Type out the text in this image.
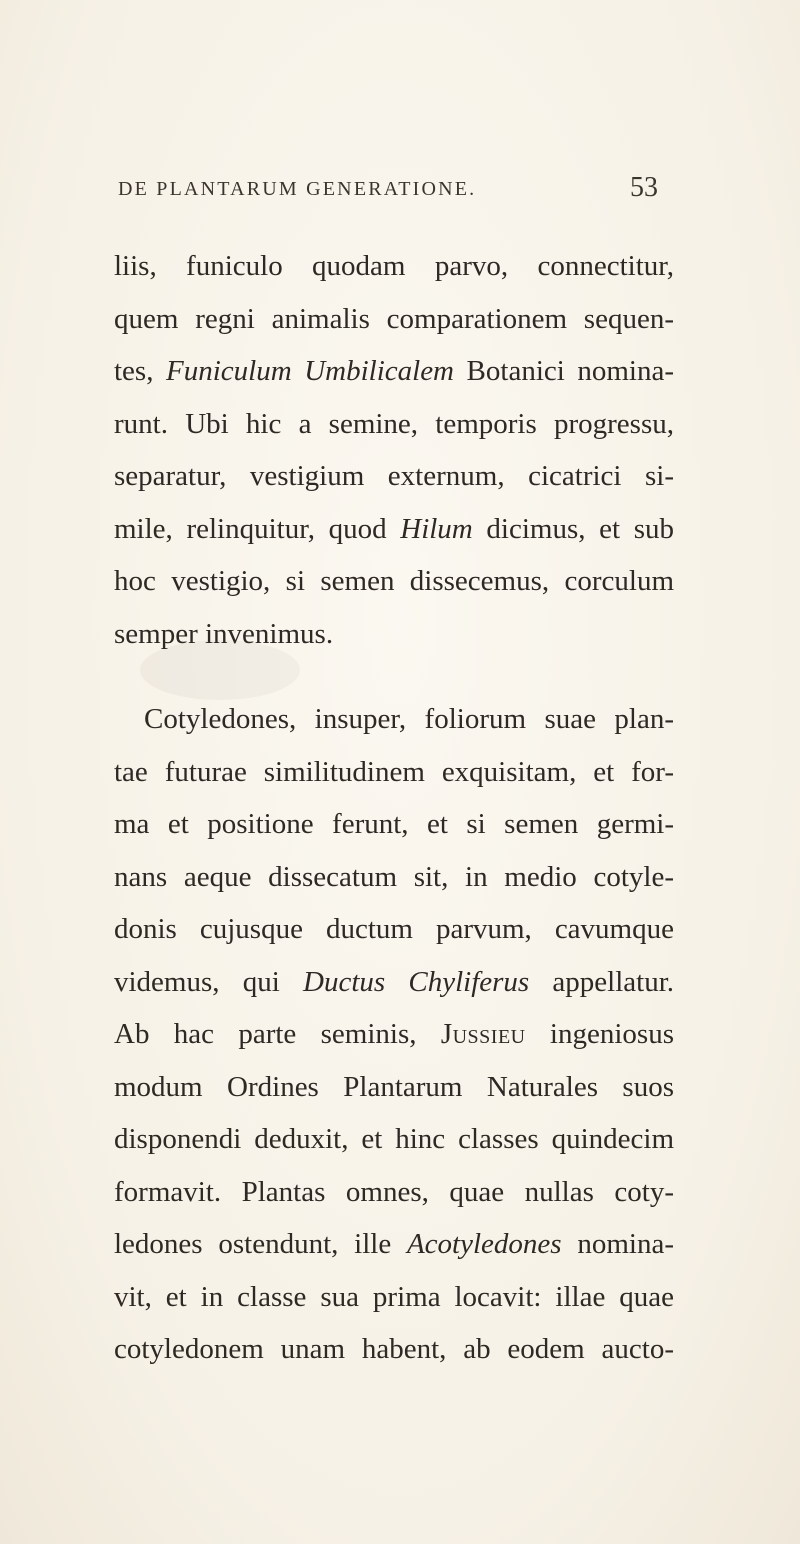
DE PLANTARUM GENERATIONE.	53
liis, funiculo quodam parvo, connectitur,
quem regni animalis comparationem sequen-
tes, Funiculum Umbilicalem Botanici nomina-
runt. Ubi hic a semine, temporis progressu,
separatur, vestigium externum, cicatrici si-
mile, relinquitur, quod Hilum dicimus, et sub
hoc vestigio, si semen dissecemus, corculum
semper invenimus.
Cotyledones, insuper, foliorum suae plan-
tae futurae similitudinem exquisitam, et for-
ma et positione ferunt, et si semen germi-
nans aeque dissecatum sit, in medio cotyle-
donis cujusque ductum parvum, cavumque
videmus, qui Ductus Chyliferus appellatur.
Ab hac parte seminis, Jussieu ingeniosus
modum Ordines Plantarum Naturales suos
disponendi deduxit, et hinc classes quindecim
formavit. Plantas omnes, quae nullas coty-
ledones ostendunt, ille Acotyledones nomina-
vit, et in classe sua prima locavit: illae quae
cotyledonem unam habent, ab eodem aucto-
